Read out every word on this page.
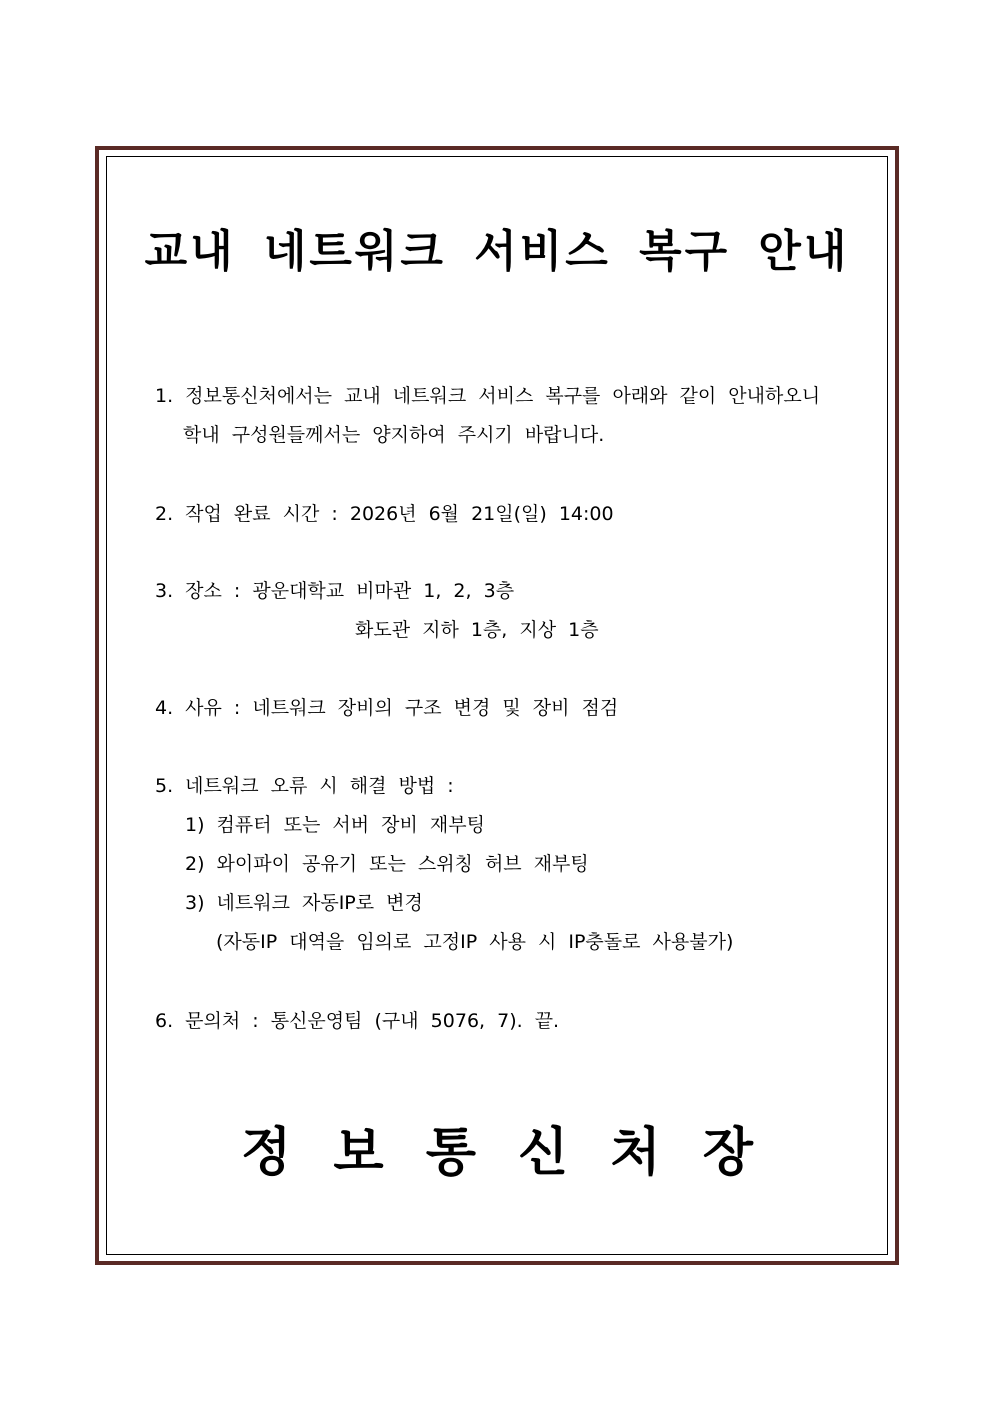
교내 네트워크 서비스 복구 안내
1. 정보통신처에서는 교내 네트워크 서비스 복구를 아래와 같이 안내하오니
학내 구성원들께서는 양지하여 주시기 바랍니다.
2. 작업 완료 시간 : 2026년 6월 21일(일) 14:00
3. 장소 : 광운대학교 비마관 1, 2, 3층
화도관 지하 1층, 지상 1층
4. 사유 : 네트워크 장비의 구조 변경 및 장비 점검
5. 네트워크 오류 시 해결 방법 :
1) 컴퓨터 또는 서버 장비 재부팅
2) 와이파이 공유기 또는 스위칭 허브 재부팅
3) 네트워크 자동IP로 변경
(자동IP 대역을 임의로 고정IP 사용 시 IP충돌로 사용불가)
6. 문의처 : 통신운영팀 (구내 5076, 7). 끝.
정 보 통 신 처 장
